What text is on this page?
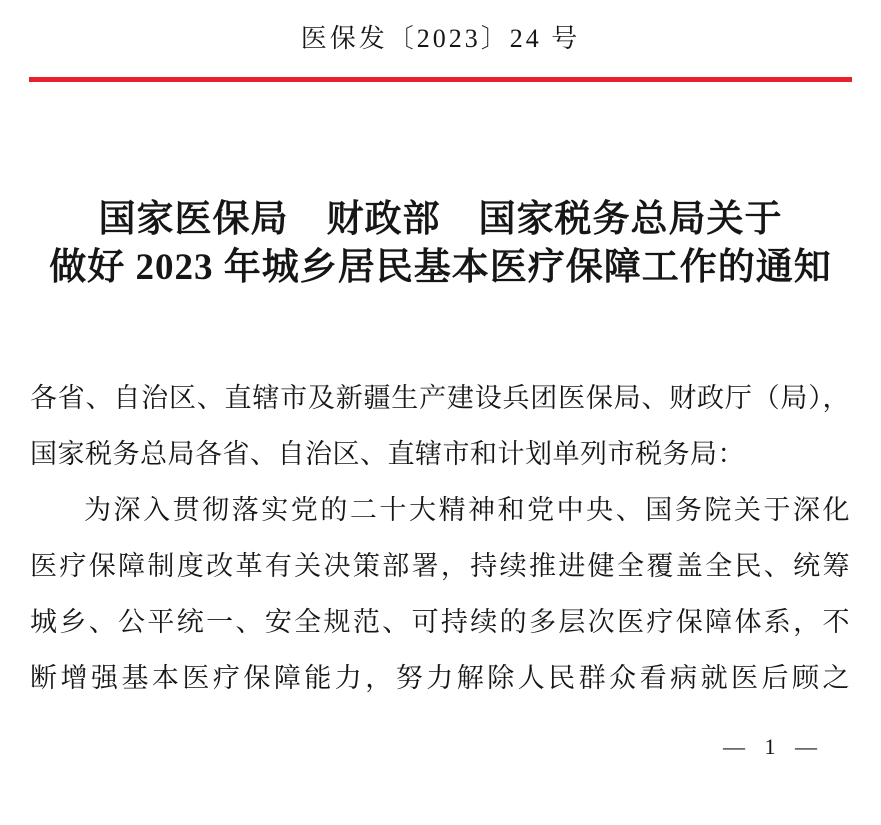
医保发〔2023〕24 号
国家医保局　财政部　国家税务总局关于
做好 2023 年城乡居民基本医疗保障工作的通知
各省、自治区、直辖市及新疆生产建设兵团医保局、财政厅（局），
国家税务总局各省、自治区、直辖市和计划单列市税务局：
为深入贯彻落实党的二十大精神和党中央、国务院关于深化
医疗保障制度改革有关决策部署，持续推进健全覆盖全民、统筹
城乡、公平统一、安全规范、可持续的多层次医疗保障体系，不
断增强基本医疗保障能力，努力解除人民群众看病就医后顾之
— 1 —
